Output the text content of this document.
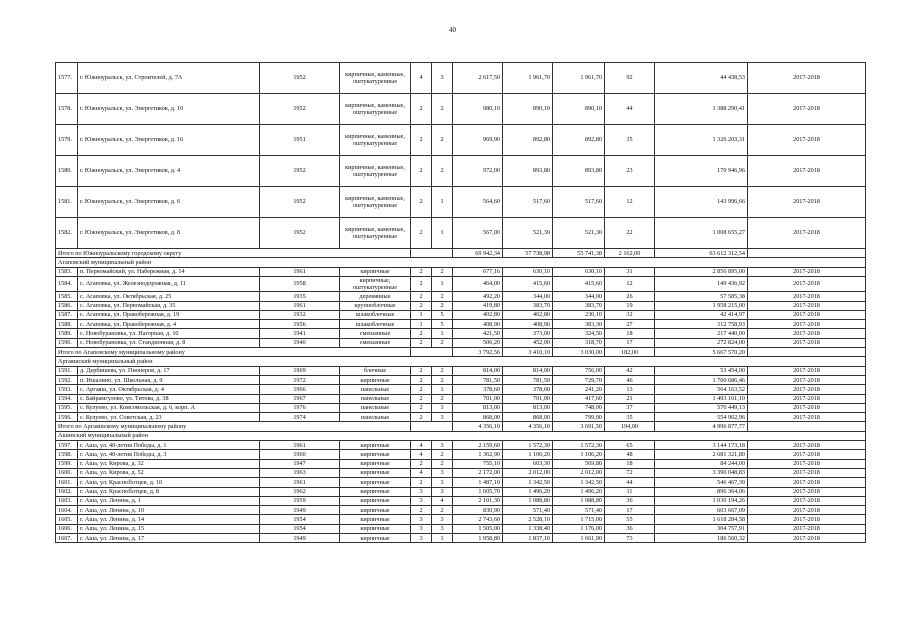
40
1577.	г. Южноуральск, ул. Строителей, д. 7А	1952	кирпичные, каменные, оштукатуренные	4	3	2 617,50	1 961,70	1 961,70	92	44 438,53	2017-2018
1578.	г. Южноуральск, ул. Энергетиков, д. 10	1952	кирпичные, каменные, оштукатуренные	2	2	980,10	890,10	890,10	44	1 388 290,41	2017-2018
1579.	г. Южноуральск, ул. Энергетиков, д. 16	1951	кирпичные, каменные, оштукатуренные	2	2	969,90	892,80	892,80	35	1 326 203,31	2017-2018
1580.	г. Южноуральск, ул. Энергетиков, д. 4	1952	кирпичные, каменные, оштукатуренные	2	2	972,00	893,80	893,80	23	170 946,96	2017-2018
1581.	г. Южноуральск, ул. Энергетиков, д. 6	1952	кирпичные, каменные, оштукатуренные	2	1	564,60	517,60	517,60	12	143 996,66	2017-2018
1582.	г. Южноуральск, ул. Энергетиков, д. 8	1952	кирпичные, каменные, оштукатуренные	2	1	567,00	521,30	521,30	22	1 008 655,27	2017-2018
Итого по Южноуральскому городскому округу						69 942,34	57 738,98	55 741,38	2 162,00	63 612 312,54	
Агаповский муниципальный район											
1583.	п. Первомайский, ул. Набережная, д. 14	1961	кирпичные	2	2	677,16	630,10	630,10	31	2 856 895,00	2017-2018
1584.	с. Агаповка, ул. Железнодорожная, д. 11	1958	кирпичные, оштукатуренные	2	1	464,00	415,60	415,60	12	149 436,92	2017-2018
1585.	с. Агаповка, ул. Октябрьская, д. 25	1935	деревянные	2	2	492,20	344,00	344,00	26	57 585,38	2017-2018
1586.	с. Агаповка, ул. Первомайская, д. 35	1961	крупноблочные	2	2	419,80	383,70	383,70	19	1 958 215,00	2017-2018
1587.	с. Агаповка, ул. Правобережная, д. 19	1932	шлакоблочные	1	5	402,80	402,80	230,10	32	42 414,97	2017-2018
1588.	с. Агаповка, ул. Правобережная, д. 4	1956	шлакоблочные	1	5	408,90	408,90	383,30	27	112 758,93	2017-2018
1589.	с. Новобурановка, ул. Нагорная, д. 10	1941	смешанные	2	1	421,50	373,00	324,50	18	217 440,00	2017-2018
1590.	с. Новобурановка, ул. Стандионная, д. 8	1940	смешанные	2	2	506,20	452,00	318,70	17	272 824,00	2017-2018
Итого по Агаповскому муниципальному району						3 792,56	3 410,10	3 030,00	182,00	5 667 570,20	
Аргаяшский муниципальный район											
1591.	д. Дербишева, ул. Пионеров, д. 17	1969	блочные	2	2	814,00	814,00	756,00	42	53 454,00	2017-2018
1592.	п. Ишалино, ул. Школьная, д. 9	1972	кирпичные	2	2	781,50	781,50	729,70	46	1 760 686,46	2017-2018
1593.	с. Аргаяш, ул. Октябрьская, д. 4	1966	панельные	2	1	378,60	378,60	241,20	13	564 163,52	2017-2018
1594.	с. Байрамгулово, ул. Титова, д. 38	1967	панельные	2	2	701,00	701,00	417,60	21	1 493 161,10	2017-2018
1595.	с. Кулуево, ул. Комсомольская, д. 6, корп. А	1976	панельные	2	3	813,00	813,00	748,00	37	570 449,13	2017-2018
1596.	с. Кулуево, ул. Советская, д. 23	1974	панельные	2	3	868,00	868,00	799,00	35	554 962,96	2017-2018
Итого по Аргаяшскому муниципальному району						4 356,10	4 356,10	3 691,50	194,00	4 996 877,77	
Ашинский муниципальный район											
1597.	г. Аша, ул. 40-летия Победы, д. 1	1961	кирпичные	4	3	2 159,60	1 572,30	1 572,30	65	3 144 173,18	2017-2018
1598.	г. Аша, ул. 40-летия Победы, д. 3	1960	кирпичные	4	2	1 362,90	1 106,20	1 106,20	48	2 681 321,80	2017-2018
1599.	г. Аша, ул. Кирова, д. 32	1947	кирпичные	2	2	755,10	603,30	569,80	18	84 244,00	2017-2018
1600.	г. Аша, ул. Кирова, д. 52	1963	кирпичные	4	3	2 172,00	2 012,00	2 012,00	72	3 390 048,83	2017-2018
1601.	г. Аша, ул. Красноflотцев, д. 10	1961	кирпичные	2	3	1 487,10	1 342,50	1 342,50	44	546 467,39	2017-2018
1602.	г. Аша, ул. Красноflотцев, д. 8	1962	кирпичные	3	3	1 605,70	1 496,20	1 496,20	11	896 364,06	2017-2018
1603.	г. Аша, ул. Ленина, д. 1	1959	кирпичные	3	4	2 101,30	1 088,80	1 088,80	36	1 030 194,26	2017-2018
1604.	г. Аша, ул. Ленина, д. 10	1949	кирпичные	2	2	830,90	571,40	571,40	17	603 667,09	2017-2018
1605.	г. Аша, ул. Ленина, д. 14	1954	кирпичные	3	3	2 743,60	2 528,10	1 715,00	55	1 618 284,58	2017-2018
1606.	г. Аша, ул. Ленина, д. 15	1954	кирпичные	3	3	1 505,00	1 338,40	1 176,00	36	304 757,91	2017-2018
1607.	г. Аша, ул. Ленина, д. 17	1949	кирпичные	3	1	1 958,80	1 837,10	1 661,90	73	186 560,32	2017-2018
